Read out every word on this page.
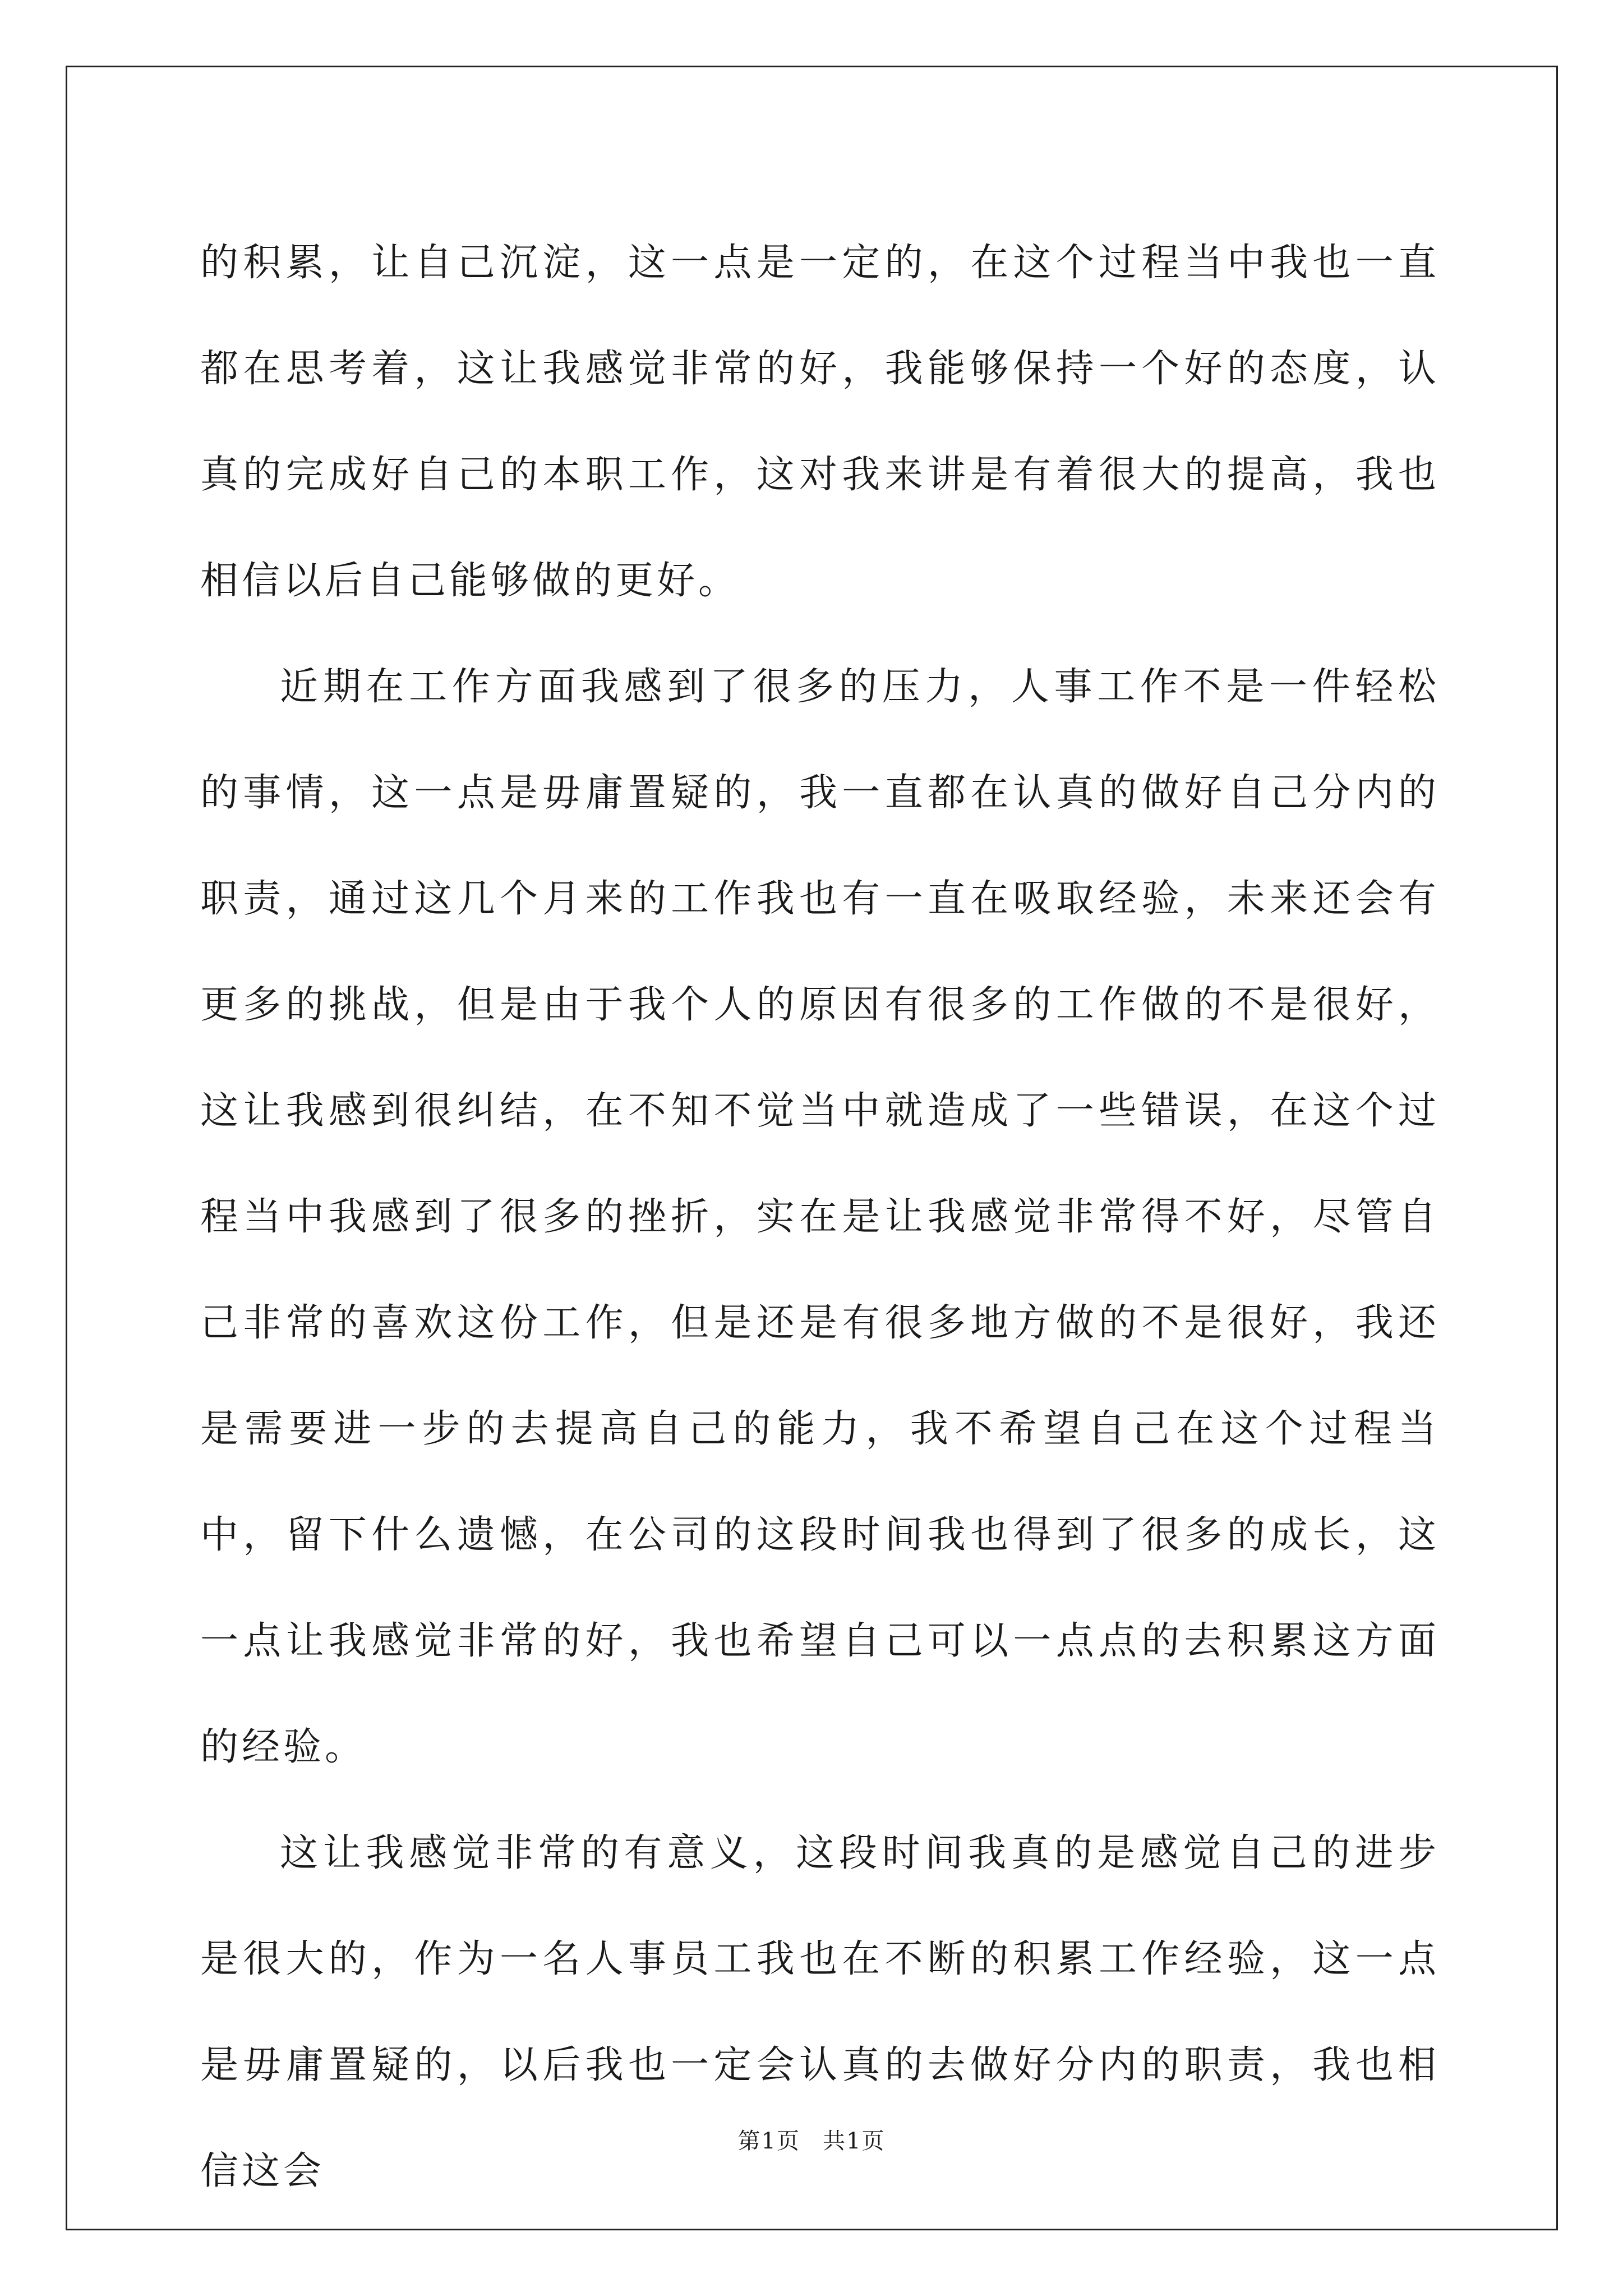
的积累，让自己沉淀，这一点是一定的，在这个过程当中我也一直都在思考着，这让我感觉非常的好，我能够保持一个好的态度，认真的完成好自己的本职工作，这对我来讲是有着很大的提高，我也相信以后自己能够做的更好。

近期在工作方面我感到了很多的压力，人事工作不是一件轻松的事情，这一点是毋庸置疑的，我一直都在认真的做好自己分内的职责，通过这几个月来的工作我也有一直在吸取经验，未来还会有更多的挑战，但是由于我个人的原因有很多的工作做的不是很好，这让我感到很纠结，在不知不觉当中就造成了一些错误，在这个过程当中我感到了很多的挫折，实在是让我感觉非常得不好，尽管自己非常的喜欢这份工作，但是还是有很多地方做的不是很好，我还是需要进一步的去提高自己的能力，我不希望自己在这个过程当中，留下什么遗憾，在公司的这段时间我也得到了很多的成长，这一点让我感觉非常的好，我也希望自己可以一点点的去积累这方面的经验。

这让我感觉非常的有意义，这段时间我真的是感觉自己的进步是很大的，作为一名人事员工我也在不断的积累工作经验，这一点是毋庸置疑的，以后我也一定会认真的去做好分内的职责，我也相信这会

第1页 共1页
